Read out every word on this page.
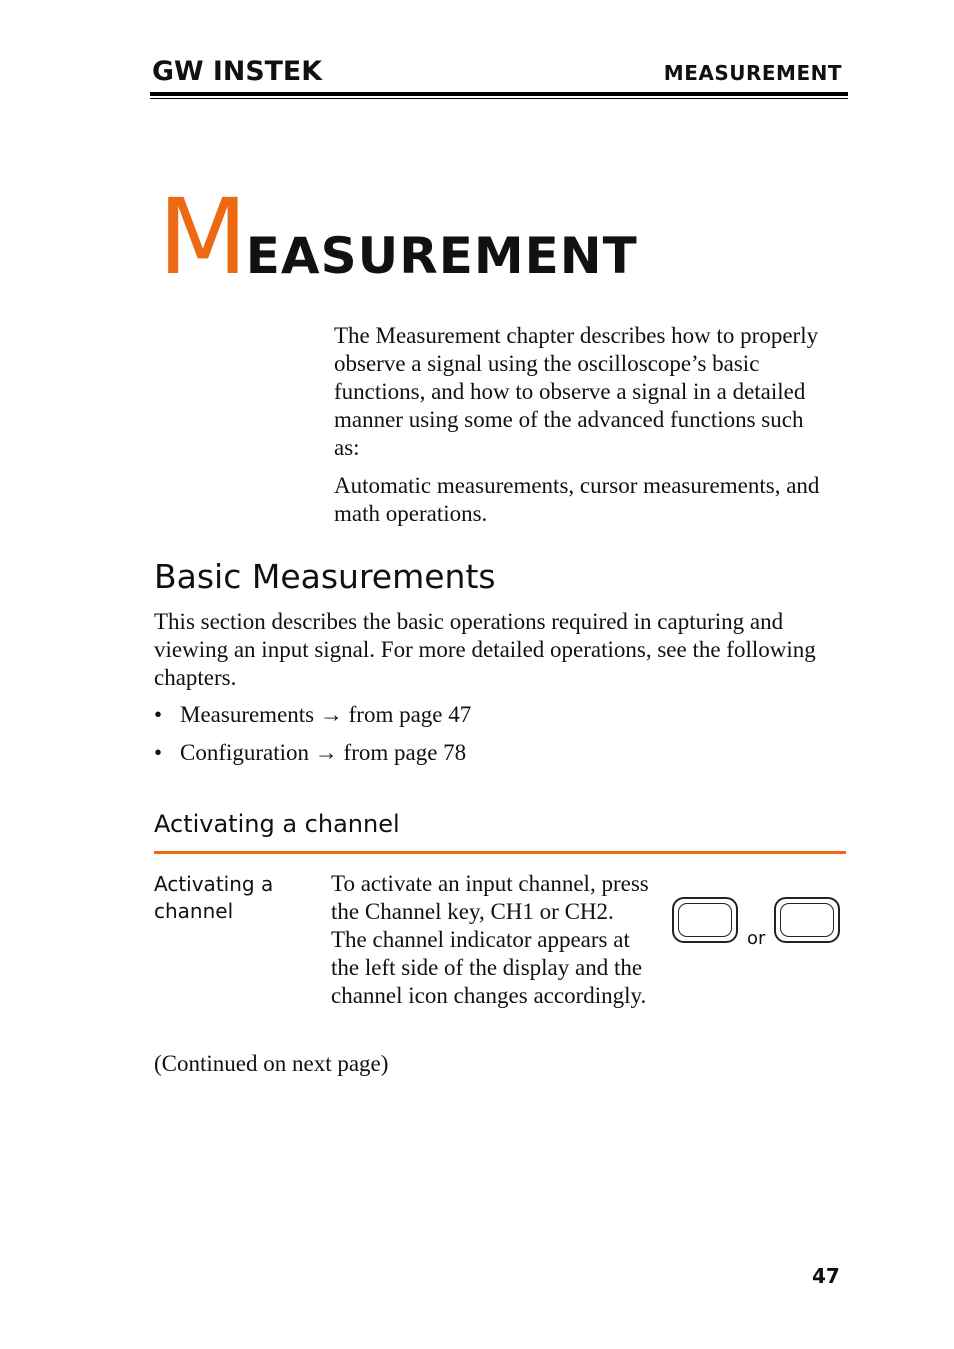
GW INSTEK	MEASUREMENT
MEASUREMENT

The Measurement chapter describes how to properly observe a signal using the oscilloscope’s basic functions, and how to observe a signal in a detailed manner using some of the advanced functions such as:

Automatic measurements, cursor measurements, and math operations.

Basic Measurements
This section describes the basic operations required in capturing and viewing an input signal. For more detailed operations, see the following chapters.
• Measurements → from page 47
• Configuration → from page 78
Activating a channel
Activating a channel
To activate an input channel, press the Channel key, CH1 or CH2. The channel indicator appears at the left side of the display and the channel icon changes accordingly.
or
(Continued on next page)
47
